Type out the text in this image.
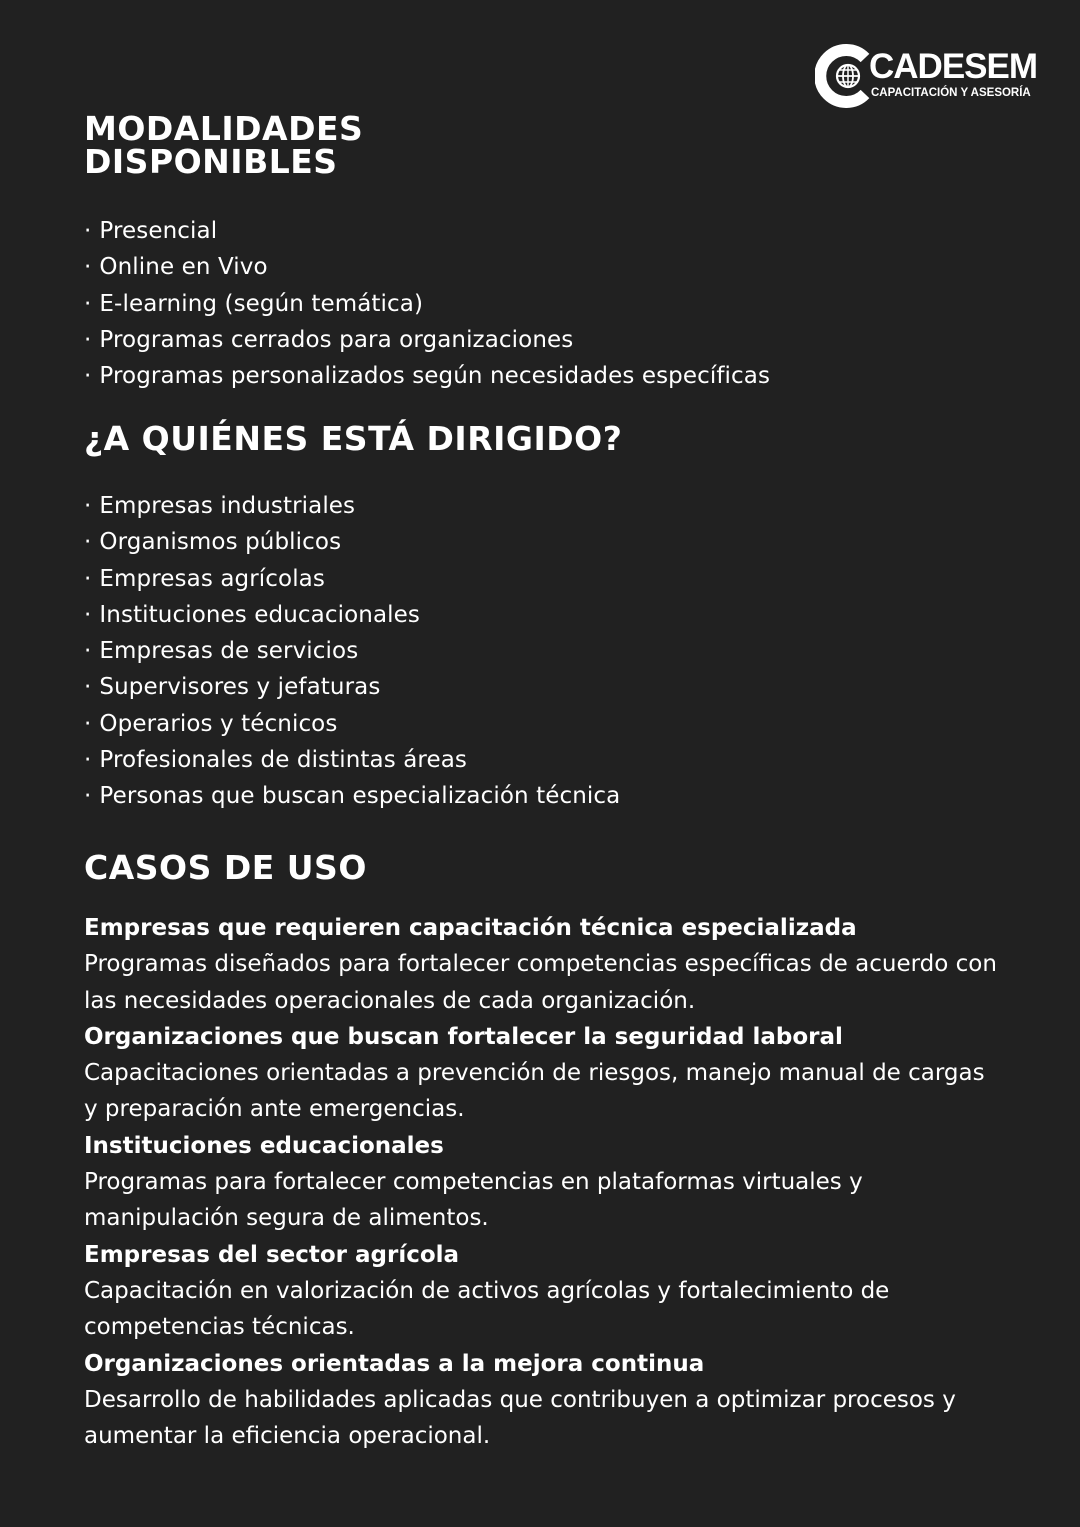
CADESEM
CAPACITACIÓN Y ASESORÍA
MODALIDADES
DISPONIBLES
· Presencial
· Online en Vivo
· E-learning (según temática)
· Programas cerrados para organizaciones
· Programas personalizados según necesidades específicas
¿A QUIÉNES ESTÁ DIRIGIDO?
· Empresas industriales
· Organismos públicos
· Empresas agrícolas
· Instituciones educacionales
· Empresas de servicios
· Supervisores y jefaturas
· Operarios y técnicos
· Profesionales de distintas áreas
· Personas que buscan especialización técnica
CASOS DE USO
Empresas que requieren capacitación técnica especializada
Programas diseñados para fortalecer competencias específicas de acuerdo con las necesidades operacionales de cada organización.
Organizaciones que buscan fortalecer la seguridad laboral
Capacitaciones orientadas a prevención de riesgos, manejo manual de cargas y preparación ante emergencias.
Instituciones educacionales
Programas para fortalecer competencias en plataformas virtuales y manipulación segura de alimentos.
Empresas del sector agrícola
Capacitación en valorización de activos agrícolas y fortalecimiento de competencias técnicas.
Organizaciones orientadas a la mejora continua
Desarrollo de habilidades aplicadas que contribuyen a optimizar procesos y aumentar la eficiencia operacional.
